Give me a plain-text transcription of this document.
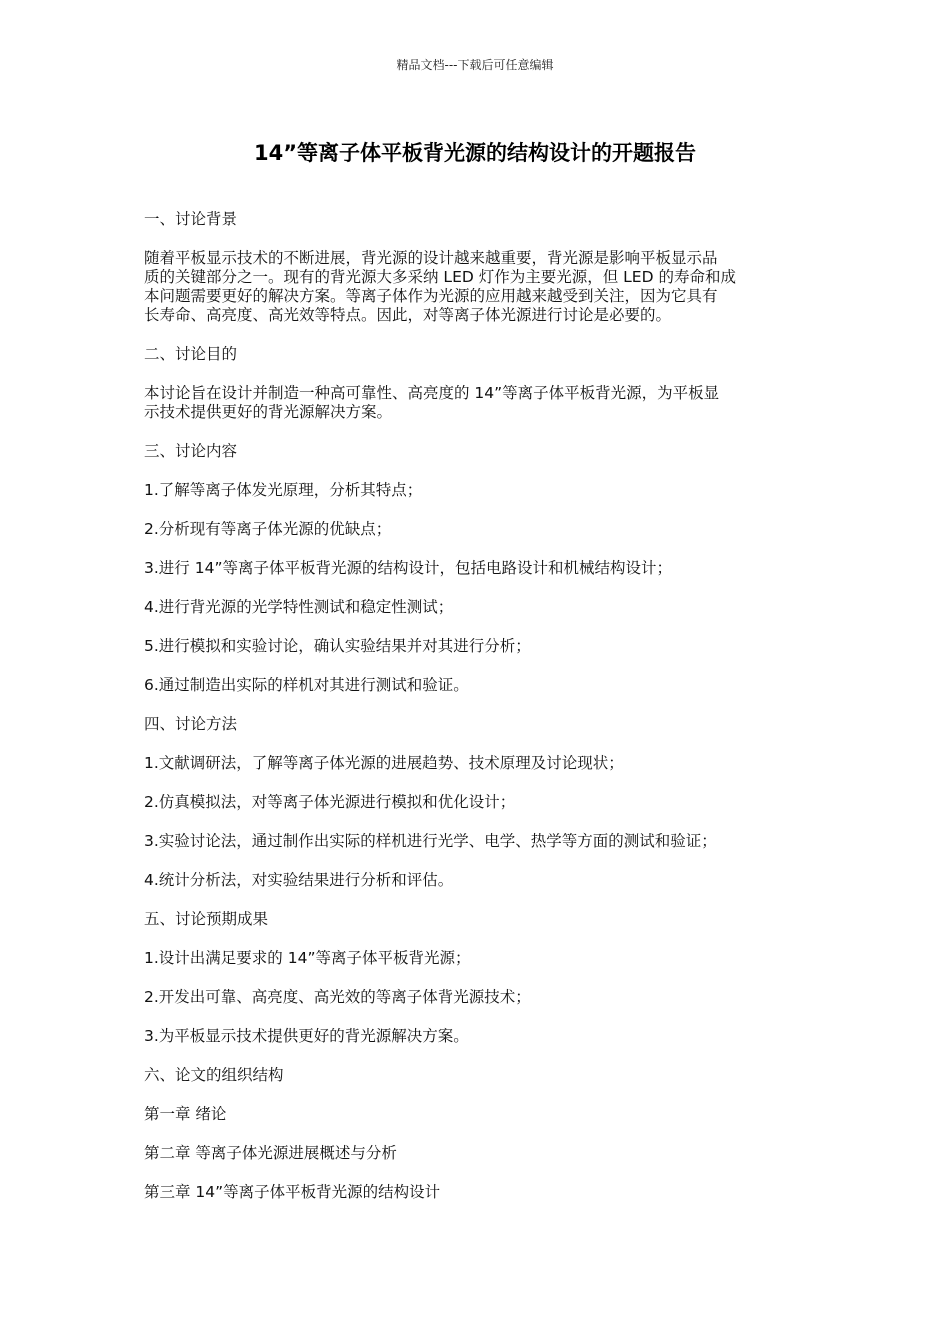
精品文档---下载后可任意编辑
14”等离子体平板背光源的结构设计的开题报告
一、讨论背景
随着平板显示技术的不断进展，背光源的设计越来越重要，背光源是影响平板显示品
质的关键部分之一。现有的背光源大多采纳 LED 灯作为主要光源，但 LED 的寿命和成
本问题需要更好的解决方案。等离子体作为光源的应用越来越受到关注，因为它具有
长寿命、高亮度、高光效等特点。因此，对等离子体光源进行讨论是必要的。
二、讨论目的
本讨论旨在设计并制造一种高可靠性、高亮度的 14”等离子体平板背光源，为平板显
示技术提供更好的背光源解决方案。
三、讨论内容
1.了解等离子体发光原理，分析其特点；
2.分析现有等离子体光源的优缺点；
3.进行 14”等离子体平板背光源的结构设计，包括电路设计和机械结构设计；
4.进行背光源的光学特性测试和稳定性测试；
5.进行模拟和实验讨论，确认实验结果并对其进行分析；
6.通过制造出实际的样机对其进行测试和验证。
四、讨论方法
1.文献调研法，了解等离子体光源的进展趋势、技术原理及讨论现状；
2.仿真模拟法，对等离子体光源进行模拟和优化设计；
3.实验讨论法，通过制作出实际的样机进行光学、电学、热学等方面的测试和验证；
4.统计分析法，对实验结果进行分析和评估。
五、讨论预期成果
1.设计出满足要求的 14”等离子体平板背光源；
2.开发出可靠、高亮度、高光效的等离子体背光源技术；
3.为平板显示技术提供更好的背光源解决方案。
六、论文的组织结构
第一章 绪论
第二章 等离子体光源进展概述与分析
第三章 14”等离子体平板背光源的结构设计
